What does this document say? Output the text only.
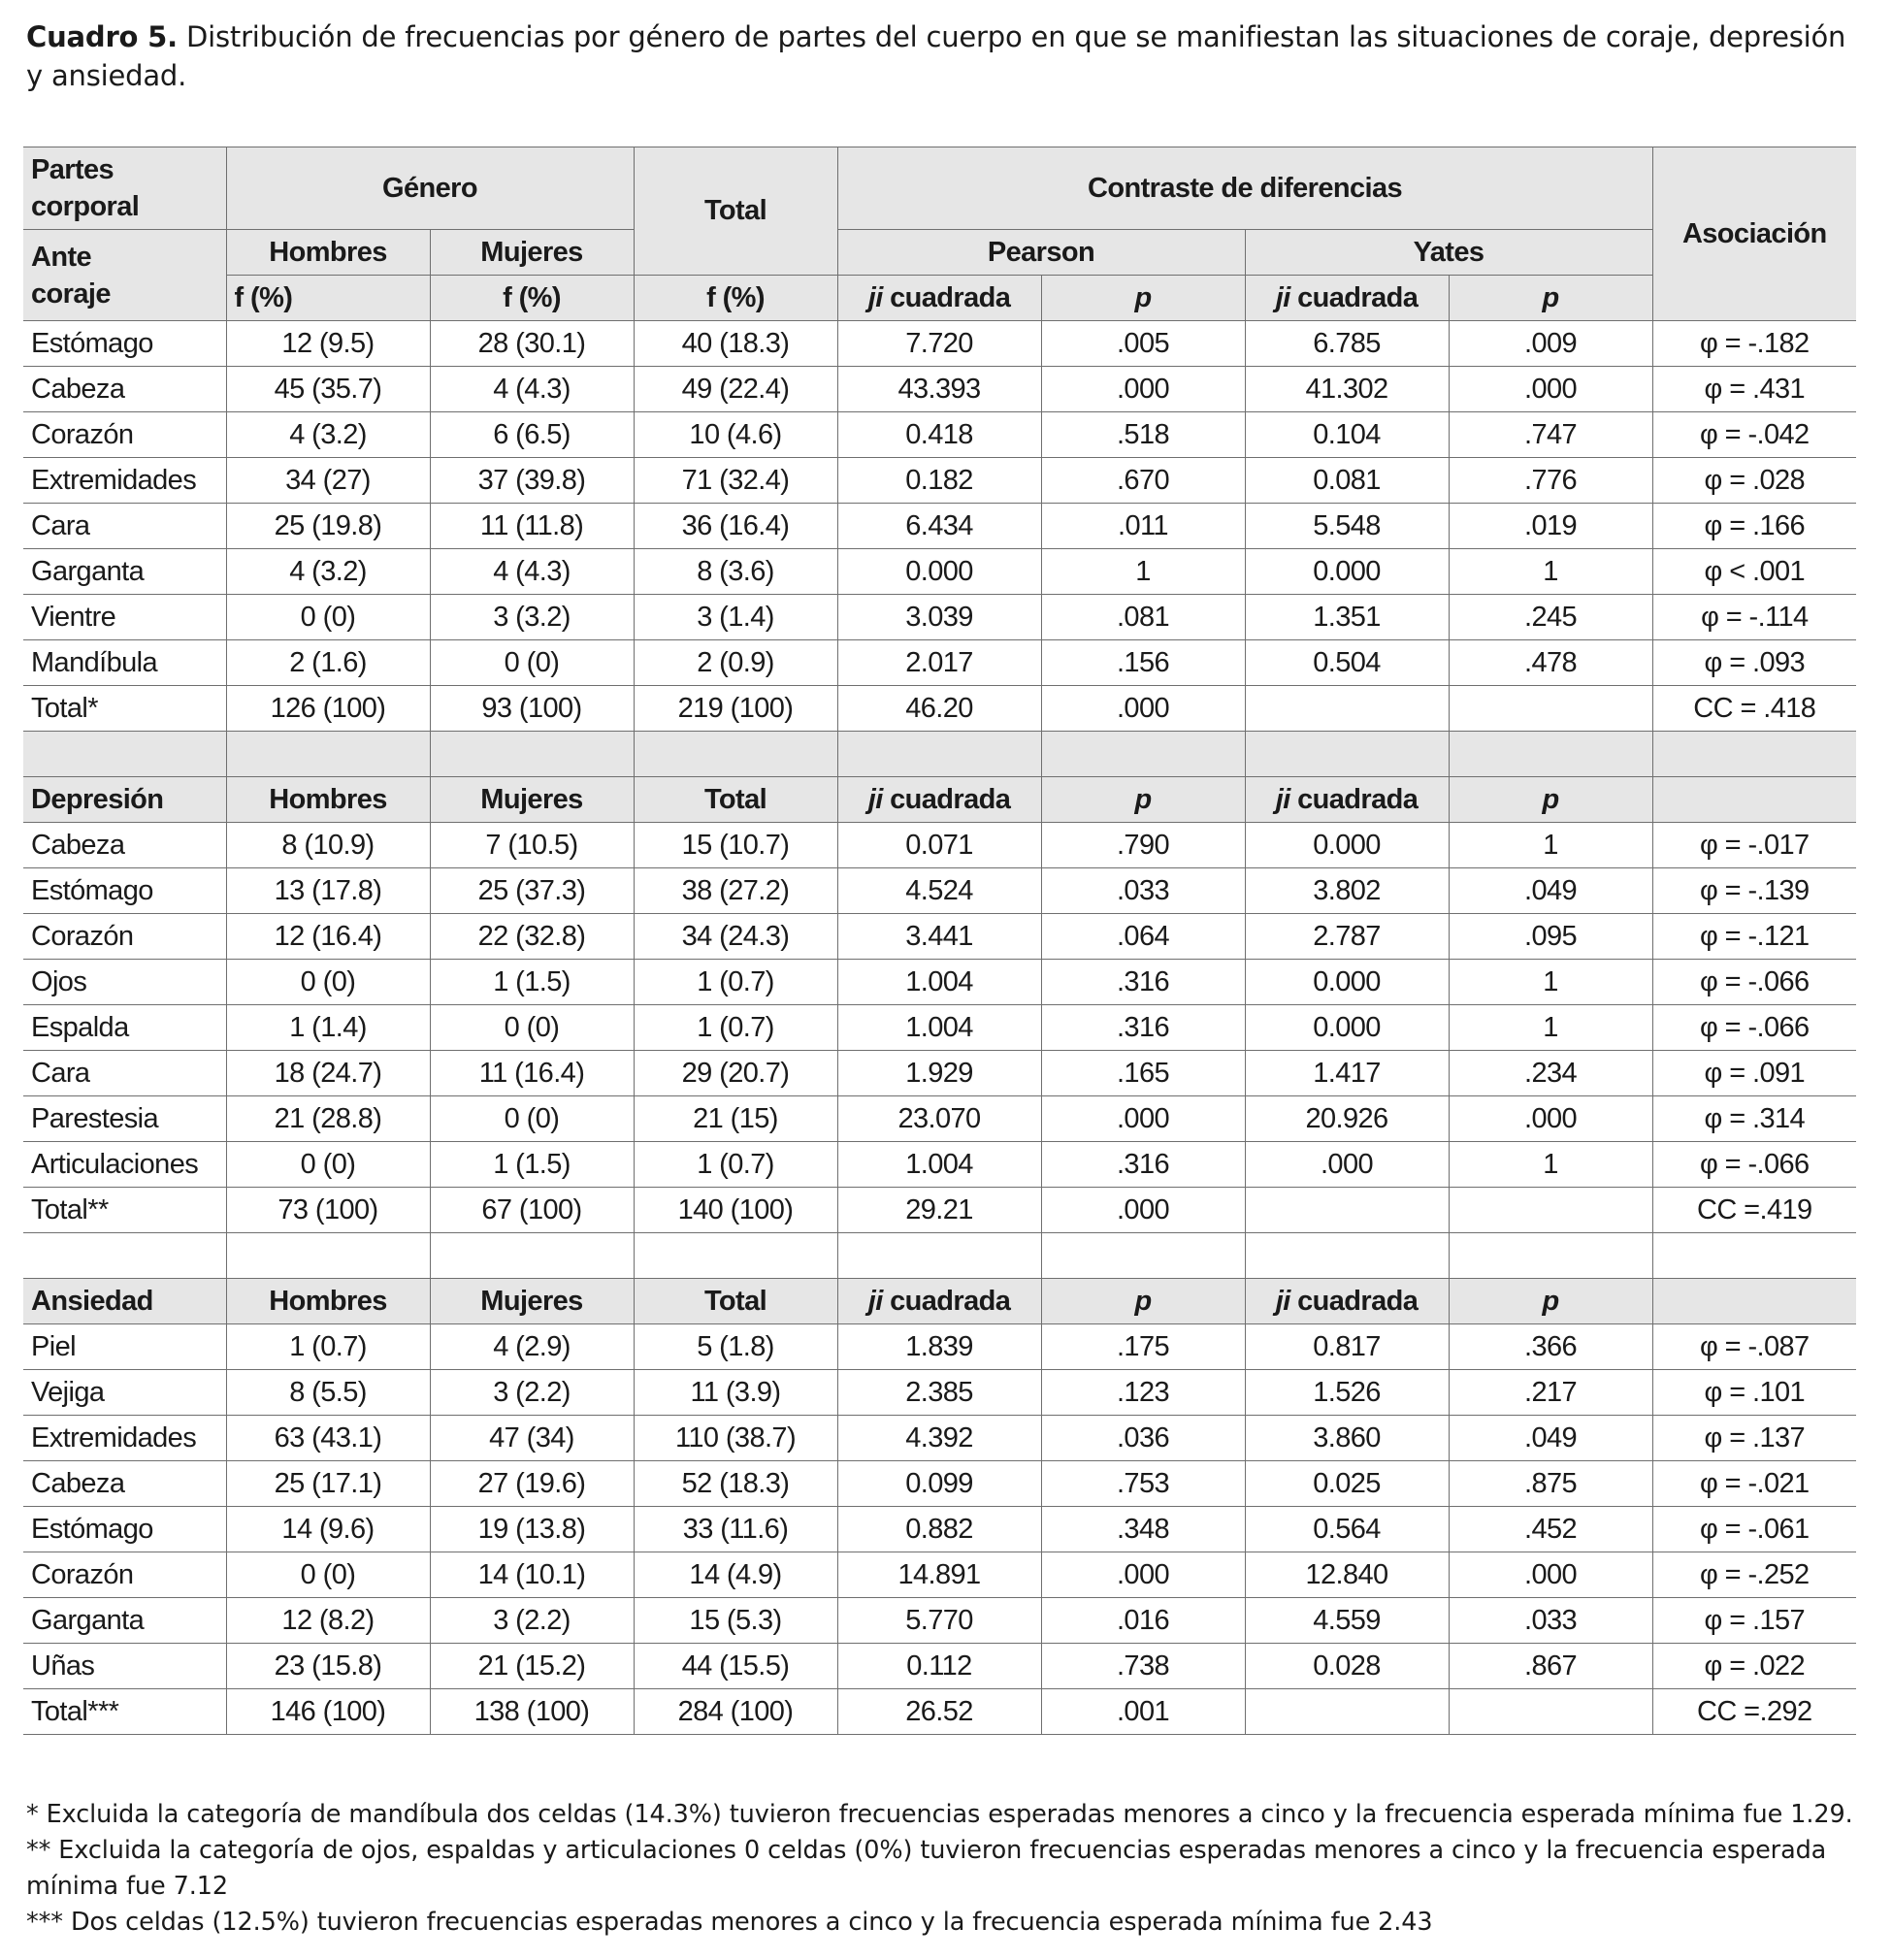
Cuadro 5. Distribución de frecuencias por género de partes del cuerpo en que se manifiestan las situaciones de coraje, depresión y ansiedad.
Partes
corporal	Género		Total	Contraste de diferencias				Asociación

Ante
coraje	Hombres	Mujeres		Pearson		Yates		
	f (%)	f (%)	f (%)	ji cuadrada	p	ji cuadrada	p	
Estómago	12 (9.5)	28 (30.1)	40 (18.3)	7.720	.005	6.785	.009	φ = -.182
Cabeza	45 (35.7)	4 (4.3)	49 (22.4)	43.393	.000	41.302	.000	φ = .431
Corazón	4 (3.2)	6 (6.5)	10 (4.6)	0.418	.518	0.104	.747	φ = -.042
Extremidades	34 (27)	37 (39.8)	71 (32.4)	0.182	.670	0.081	.776	φ = .028
Cara	25 (19.8)	11 (11.8)	36 (16.4)	6.434	.011	5.548	.019	φ = .166
Garganta	4 (3.2)	4 (4.3)	8 (3.6)	0.000	1	0.000	1	φ < .001
Vientre	0 (0)	3 (3.2)	3 (1.4)	3.039	.081	1.351	.245	φ = -.114
Mandíbula	2 (1.6)	0 (0)	2 (0.9)	2.017	.156	0.504	.478	φ = .093
Total*	126 (100)	93 (100)	219 (100)	46.20	.000			CC = .418

Depresión	Hombres	Mujeres	Total	ji cuadrada	p	ji cuadrada	p	
Cabeza	8 (10.9)	7 (10.5)	15 (10.7)	0.071	.790	0.000	1	φ = -.017
Estómago	13 (17.8)	25 (37.3)	38 (27.2)	4.524	.033	3.802	.049	φ = -.139
Corazón	12 (16.4)	22 (32.8)	34 (24.3)	3.441	.064	2.787	.095	φ = -.121
Ojos	0 (0)	1 (1.5)	1 (0.7)	1.004	.316	0.000	1	φ = -.066
Espalda	1 (1.4)	0 (0)	1 (0.7)	1.004	.316	0.000	1	φ = -.066
Cara	18 (24.7)	11 (16.4)	29 (20.7)	1.929	.165	1.417	.234	φ = .091
Parestesia	21 (28.8)	0 (0)	21 (15)	23.070	.000	20.926	.000	φ = .314
Articulaciones	0 (0)	1 (1.5)	1 (0.7)	1.004	.316	.000	1	φ = -.066
Total**	73 (100)	67 (100)	140 (100)	29.21	.000			CC =.419

Ansiedad	Hombres	Mujeres	Total	ji cuadrada	p	ji cuadrada	p	
Piel	1 (0.7)	4 (2.9)	5 (1.8)	1.839	.175	0.817	.366	φ = -.087
Vejiga	8 (5.5)	3 (2.2)	11 (3.9)	2.385	.123	1.526	.217	φ = .101
Extremidades	63 (43.1)	47 (34)	110 (38.7)	4.392	.036	3.860	.049	φ = .137
Cabeza	25 (17.1)	27 (19.6)	52 (18.3)	0.099	.753	0.025	.875	φ = -.021
Estómago	14 (9.6)	19 (13.8)	33 (11.6)	0.882	.348	0.564	.452	φ = -.061
Corazón	0 (0)	14 (10.1)	14 (4.9)	14.891	.000	12.840	.000	φ = -.252
Garganta	12 (8.2)	3 (2.2)	15 (5.3)	5.770	.016	4.559	.033	φ = .157
Uñas	23 (15.8)	21 (15.2)	44 (15.5)	0.112	.738	0.028	.867	φ = .022
Total***	146 (100)	138 (100)	284 (100)	26.52	.001			CC =.292

* Excluida la categoría de mandíbula dos celdas (14.3%) tuvieron frecuencias esperadas menores a cinco y la frecuencia esperada mínima fue 1.29.

** Excluida la categoría de ojos, espaldas y articulaciones 0 celdas (0%) tuvieron frecuencias esperadas menores a cinco y la frecuencia esperada mínima fue 7.12

*** Dos celdas (12.5%) tuvieron frecuencias esperadas menores a cinco y la frecuencia esperada mínima fue 2.43
